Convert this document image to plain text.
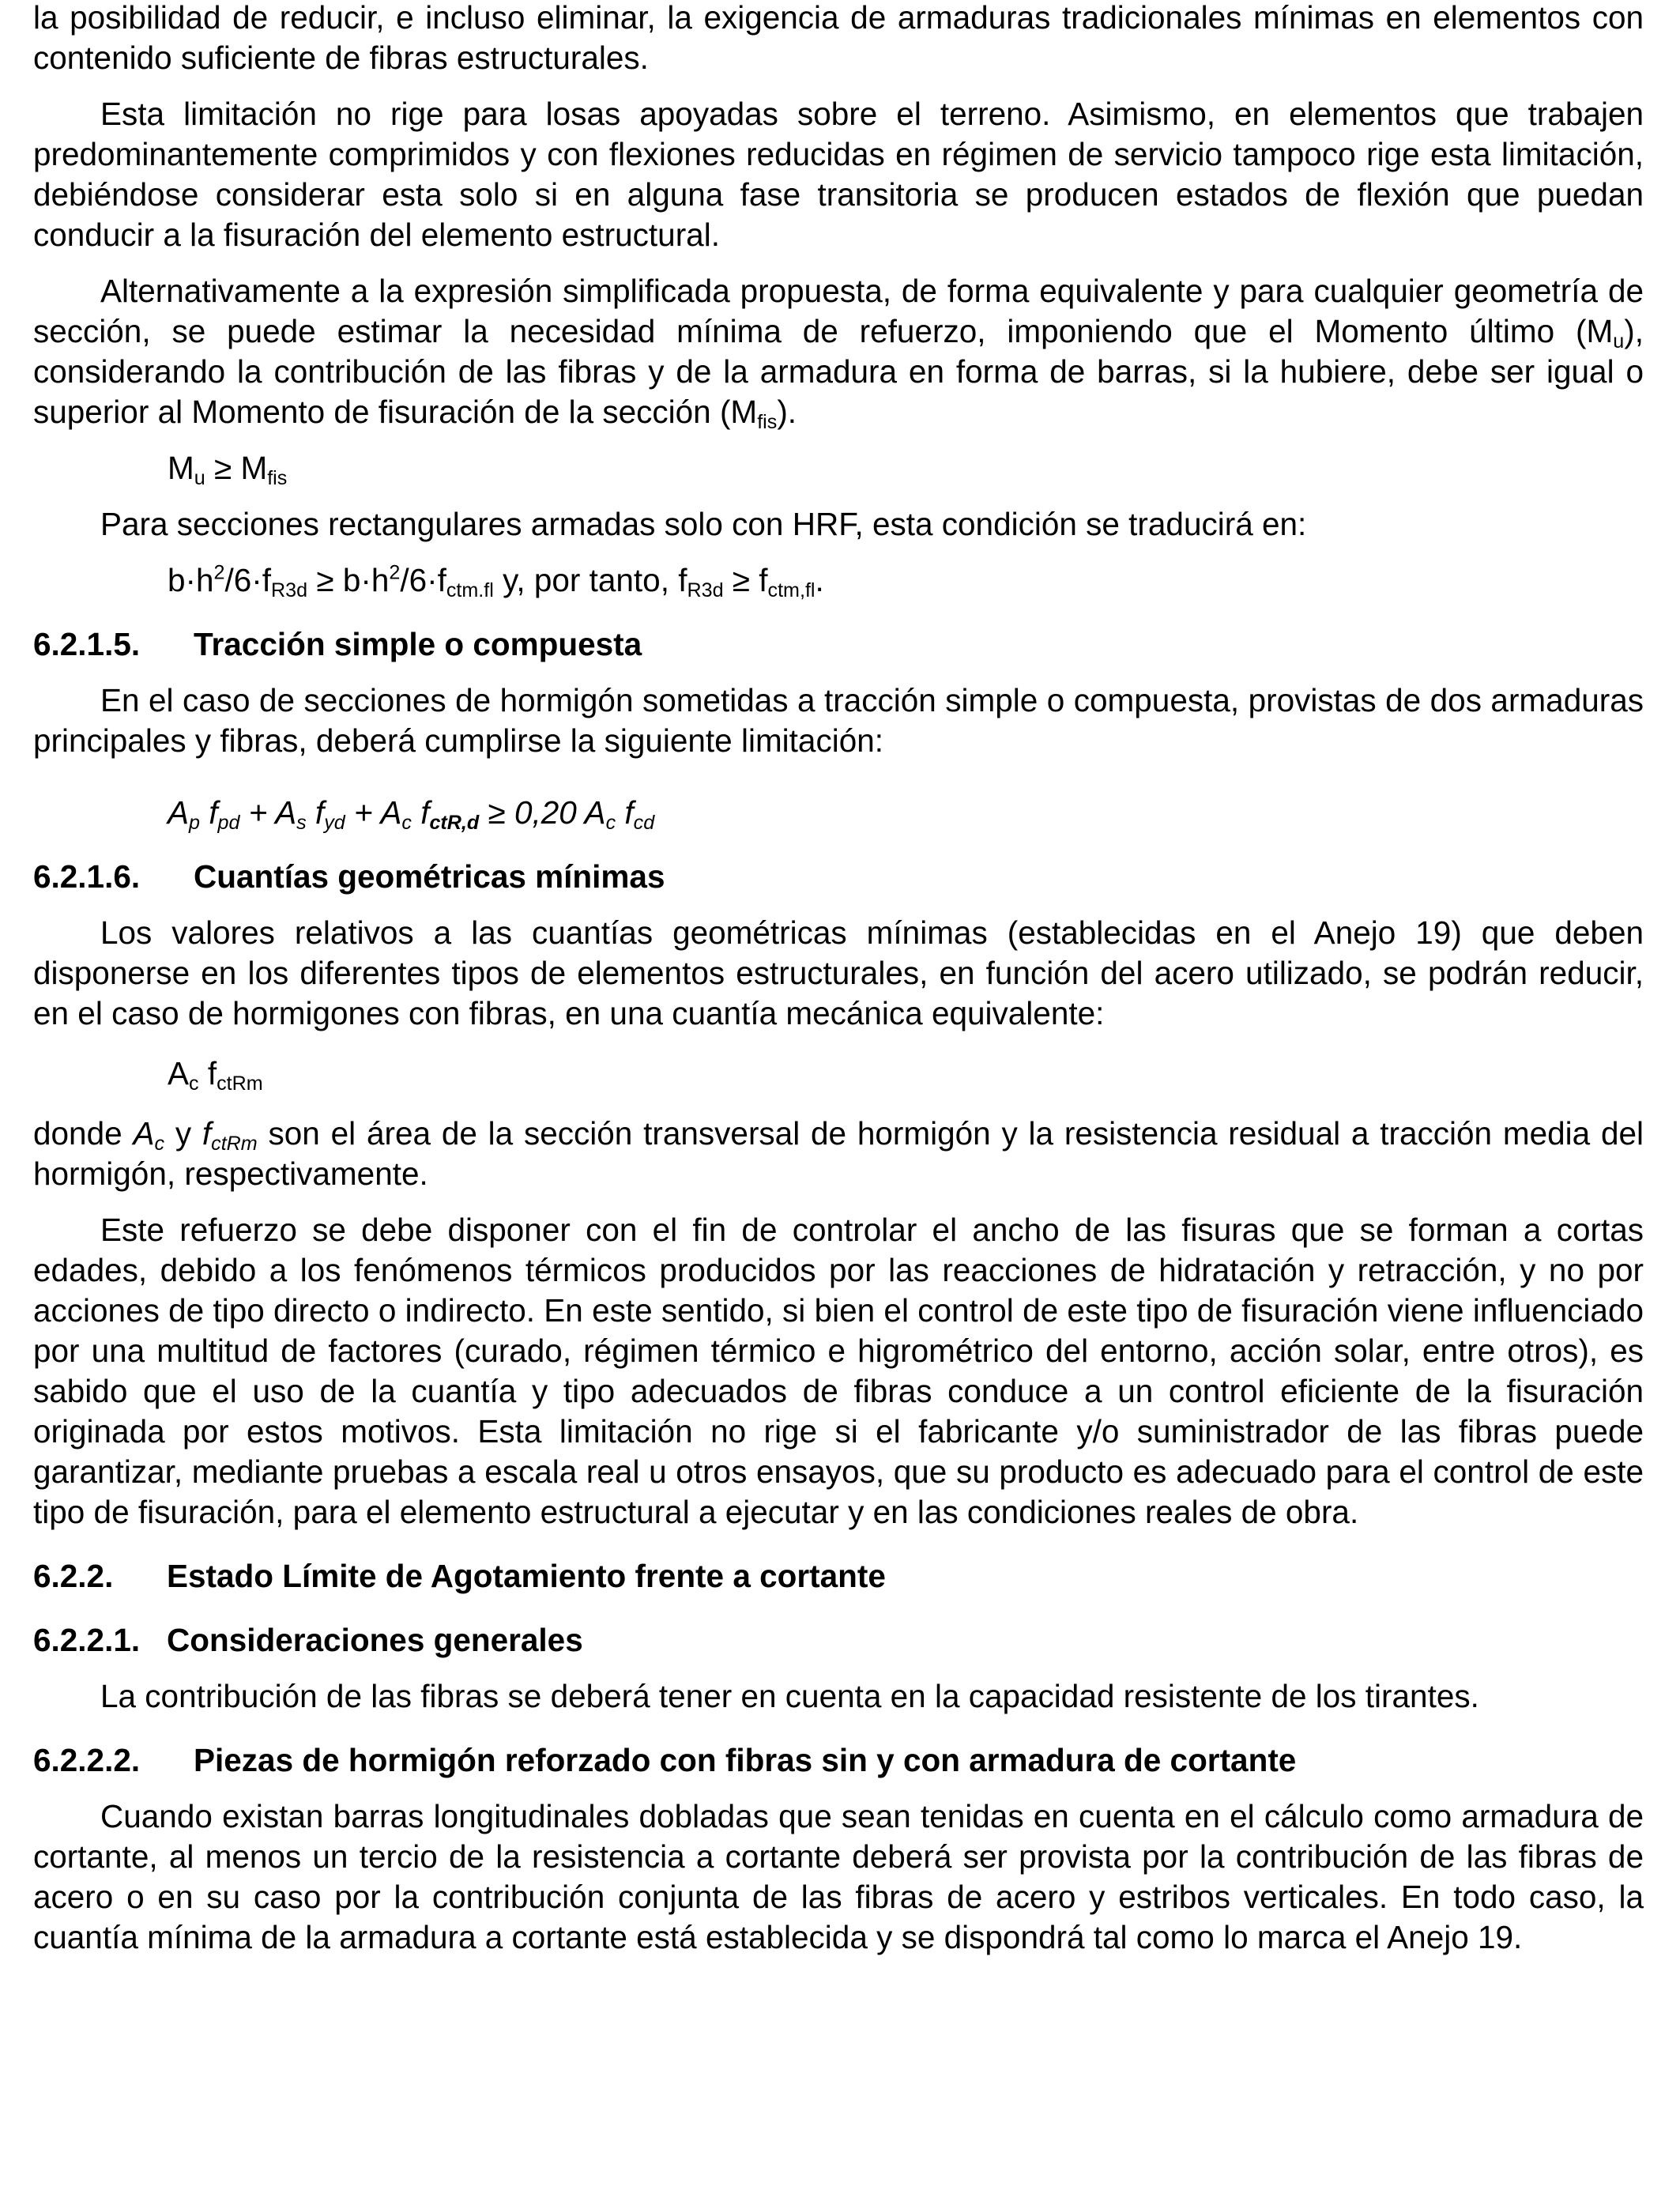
la posibilidad de reducir, e incluso eliminar, la exigencia de armaduras tradicionales mínimas en elementos con contenido suficiente de fibras estructurales.

Esta limitación no rige para losas apoyadas sobre el terreno. Asimismo, en elementos que trabajen predominantemente comprimidos y con flexiones reducidas en régimen de servicio tampoco rige esta limitación, debiéndose considerar esta solo si en alguna fase transitoria se producen estados de flexión que puedan conducir a la fisuración del elemento estructural.

Alternativamente a la expresión simplificada propuesta, de forma equivalente y para cualquier geometría de sección, se puede estimar la necesidad mínima de refuerzo, imponiendo que el Momento último $(M_u)$, considerando la contribución de las fibras y de la armadura en forma de barras, si la hubiere, debe ser igual o superior al Momento de fisuración de la sección $(M_{fis})$.

$M_u \ge M_{fis}$

Para secciones rectangulares armadas solo con HRF, esta condición se traducirá en:

$b\cdot h^2/6\cdot f_{R3d} \ge b\cdot h^2/6\cdot f_{ctm.fl}$ y, por tanto, $f_{R3d} \ge f_{ctm,fl}$.

6.2.1.5.	Tracción simple o compuesta

En el caso de secciones de hormigón sometidas a tracción simple o compuesta, provistas de dos armaduras principales y fibras, deberá cumplirse la siguiente limitación:

$A_p$ $f_{pd} + A_s$ $f_{yd} + A_c$ $f_{ctR,d} \ge 0,20$ $A_c$ $f_{cd}$

6.2.1.6.	Cuantías geométricas mínimas

Los valores relativos a las cuantías geométricas mínimas (establecidas en el Anejo 19) que deben disponerse en los diferentes tipos de elementos estructurales, en función del acero utilizado, se podrán reducir, en el caso de hormigones con fibras, en una cuantía mecánica equivalente:

$A_c$ $f_{ctRm}$

donde $A_c$ y $f_{ctRm}$ son el área de la sección transversal de hormigón y la resistencia residual a tracción media del hormigón, respectivamente.

Este refuerzo se debe disponer con el fin de controlar el ancho de las fisuras que se forman a cortas edades, debido a los fenómenos térmicos producidos por las reacciones de hidratación y retracción, y no por acciones de tipo directo o indirecto. En este sentido, si bien el control de este tipo de fisuración viene influenciado por una multitud de factores (curado, régimen térmico e higrométrico del entorno, acción solar, entre otros), es sabido que el uso de la cuantía y tipo adecuados de fibras conduce a un control eficiente de la fisuración originada por estos motivos. Esta limitación no rige si el fabricante y/o suministrador de las fibras puede garantizar, mediante pruebas a escala real u otros ensayos, que su producto es adecuado para el control de este tipo de fisuración, para el elemento estructural a ejecutar y en las condiciones reales de obra.

6.2.2.	Estado Límite de Agotamiento frente a cortante
6.2.2.1. Consideraciones generales

La contribución de las fibras se deberá tener en cuenta en la capacidad resistente de los tirantes.

6.2.2.2.	Piezas de hormigón reforzado con fibras sin y con armadura de cortante

Cuando existan barras longitudinales dobladas que sean tenidas en cuenta en el cálculo como armadura de cortante, al menos un tercio de la resistencia a cortante deberá ser provista por la contribución de las fibras de acero o en su caso por la contribución conjunta de las fibras de acero y estribos verticales. En todo caso, la cuantía mínima de la armadura a cortante está establecida y se dispondrá tal como lo marca el Anejo 19.
